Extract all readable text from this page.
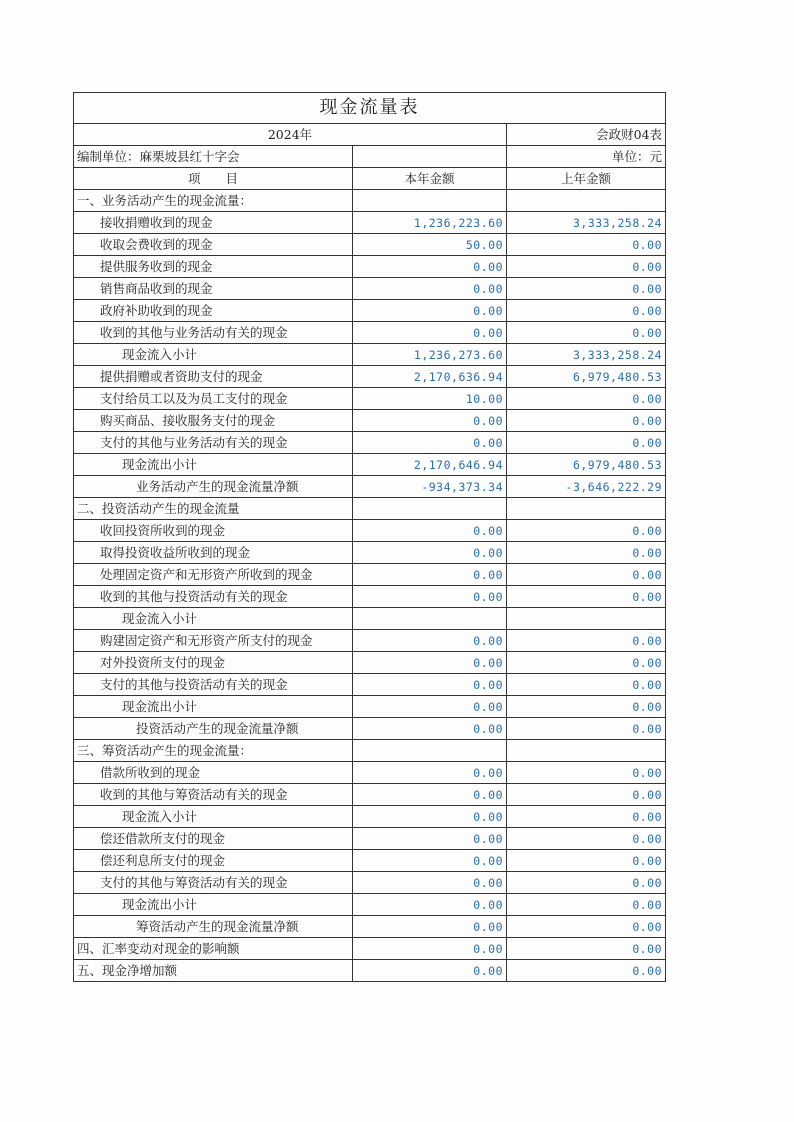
现金流量表		
2024年		会政财04表
编制单位：麻栗坡县红十字会		单位：元
项　　目	本年金额	上年金额
一、业务活动产生的现金流量：		
接收捐赠收到的现金	1,236,223.60	3,333,258.24
收取会费收到的现金	50.00	0.00
提供服务收到的现金	0.00	0.00
销售商品收到的现金	0.00	0.00
政府补助收到的现金	0.00	0.00
收到的其他与业务活动有关的现金	0.00	0.00
现金流入小计	1,236,273.60	3,333,258.24
提供捐赠或者资助支付的现金	2,170,636.94	6,979,480.53
支付给员工以及为员工支付的现金	10.00	0.00
购买商品、接收服务支付的现金	0.00	0.00
支付的其他与业务活动有关的现金	0.00	0.00
现金流出小计	2,170,646.94	6,979,480.53
业务活动产生的现金流量净额	-934,373.34	-3,646,222.29
二、投资活动产生的现金流量		
收回投资所收到的现金	0.00	0.00
取得投资收益所收到的现金	0.00	0.00
处理固定资产和无形资产所收到的现金	0.00	0.00
收到的其他与投资活动有关的现金	0.00	0.00
现金流入小计		
购建固定资产和无形资产所支付的现金	0.00	0.00
对外投资所支付的现金	0.00	0.00
支付的其他与投资活动有关的现金	0.00	0.00
现金流出小计	0.00	0.00
投资活动产生的现金流量净额	0.00	0.00
三、筹资活动产生的现金流量：		
借款所收到的现金	0.00	0.00
收到的其他与筹资活动有关的现金	0.00	0.00
现金流入小计	0.00	0.00
偿还借款所支付的现金	0.00	0.00
偿还利息所支付的现金	0.00	0.00
支付的其他与筹资活动有关的现金	0.00	0.00
现金流出小计	0.00	0.00
筹资活动产生的现金流量净额	0.00	0.00
四、汇率变动对现金的影响额	0.00	0.00
五、现金净增加额	0.00	0.00
